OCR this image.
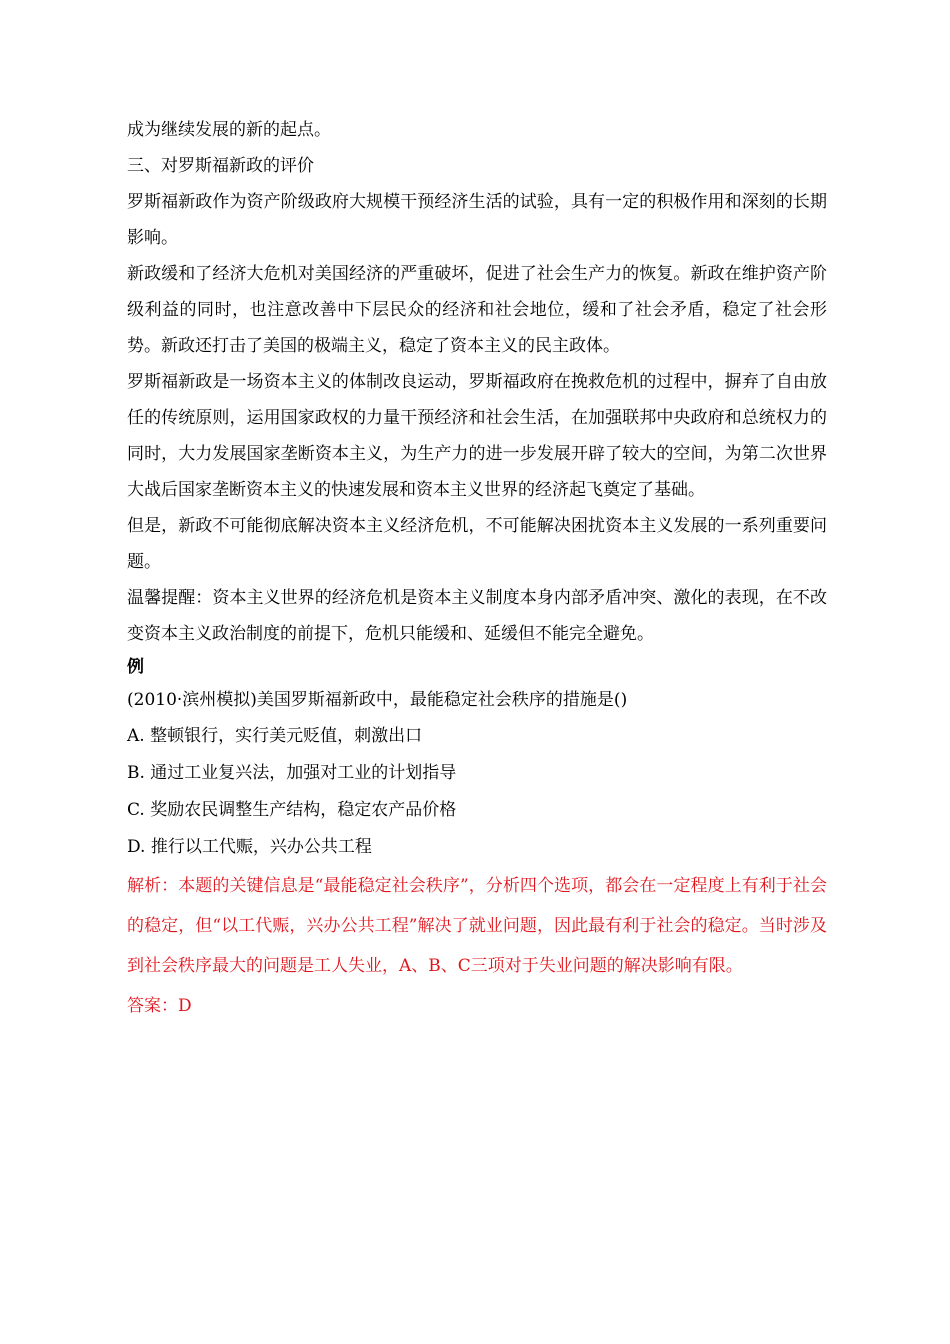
成为继续发展的新的起点。

三、对罗斯福新政的评价

罗斯福新政作为资产阶级政府大规模干预经济生活的试验，具有一定的积极作用和深刻的长期影响。

新政缓和了经济大危机对美国经济的严重破坏，促进了社会生产力的恢复。新政在维护资产阶级利益的同时，也注意改善中下层民众的经济和社会地位，缓和了社会矛盾，稳定了社会形势。新政还打击了美国的极端主义，稳定了资本主义的民主政体。

罗斯福新政是一场资本主义的体制改良运动，罗斯福政府在挽救危机的过程中，摒弃了自由放任的传统原则，运用国家政权的力量干预经济和社会生活，在加强联邦中央政府和总统权力的同时，大力发展国家垄断资本主义，为生产力的进一步发展开辟了较大的空间，为第二次世界大战后国家垄断资本主义的快速发展和资本主义世界的经济起飞奠定了基础。

但是，新政不可能彻底解决资本主义经济危机，不可能解决困扰资本主义发展的一系列重要问题。

温馨提醒：资本主义世界的经济危机是资本主义制度本身内部矛盾冲突、激化的表现，在不改变资本主义政治制度的前提下，危机只能缓和、延缓但不能完全避免。

例

(2010·滨州模拟)美国罗斯福新政中，最能稳定社会秩序的措施是()

A. 整顿银行，实行美元贬值，刺激出口

B. 通过工业复兴法，加强对工业的计划指导

C. 奖励农民调整生产结构，稳定农产品价格

D. 推行以工代赈，兴办公共工程

解析：本题的关键信息是“最能稳定社会秩序”，分析四个选项，都会在一定程度上有利于社会的稳定，但“以工代赈，兴办公共工程”解决了就业问题，因此最有利于社会的稳定。当时涉及到社会秩序最大的问题是工人失业，A、B、C三项对于失业问题的解决影响有限。

答案：D
